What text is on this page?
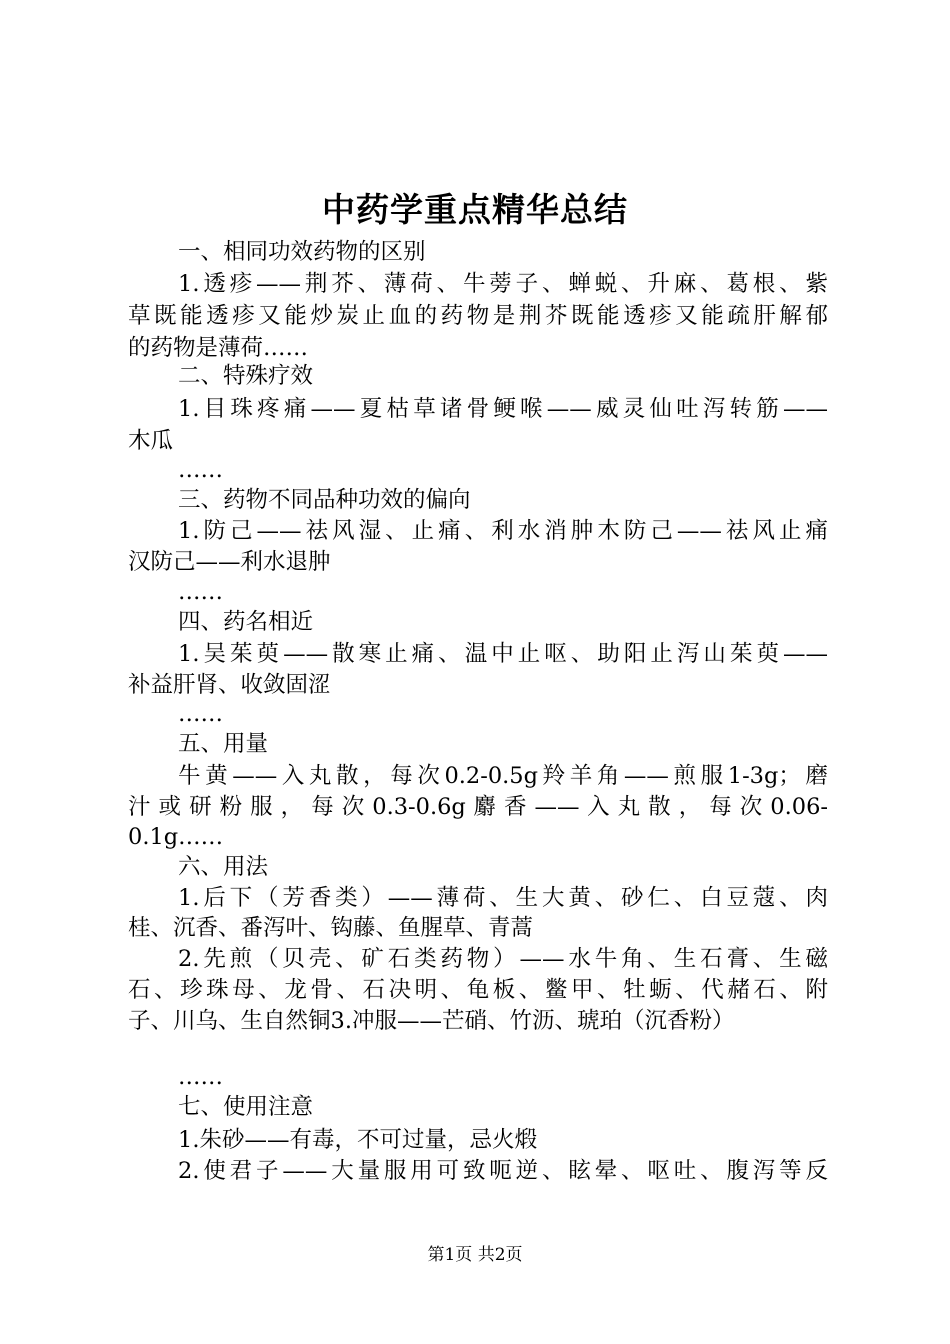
中药学重点精华总结
一、相同功效药物的区别
1.透疹——荆芥、薄荷、牛蒡子、蝉蜕、升麻、葛根、紫
草既能透疹又能炒炭止血的药物是荆芥既能透疹又能疏肝解郁
的药物是薄荷……
二、特殊疗效
1.目珠疼痛——夏枯草诸骨鲠喉——威灵仙吐泻转筋——
木瓜
……
三、药物不同品种功效的偏向
1.防己——祛风湿、止痛、利水消肿木防己——祛风止痛
汉防己——利水退肿
……
四、药名相近
1.吴茱萸——散寒止痛、温中止呕、助阳止泻山茱萸——
补益肝肾、收敛固涩
……
五、用量
牛黄——入丸散，每次0.2-0.5g羚羊角——煎服1-3g；磨
汁 或 研 粉 服 ， 每 次 0.3-0.6g 麝 香 —— 入 丸 散 ， 每 次 0.06-
0.1g……
六、用法
1.后下（芳香类）——薄荷、生大黄、砂仁、白豆蔻、肉
桂、沉香、番泻叶、钩藤、鱼腥草、青蒿
2.先煎（贝壳、矿石类药物）——水牛角、生石膏、生磁
石、珍珠母、龙骨、石决明、龟板、鳖甲、牡蛎、代赭石、附
子、川乌、生自然铜3.冲服——芒硝、竹沥、琥珀（沉香粉）
……
七、使用注意
1.朱砂——有毒，不可过量，忌火煅
2.使君子——大量服用可致呃逆、眩晕、呕吐、腹泻等反
第1页 共2页
